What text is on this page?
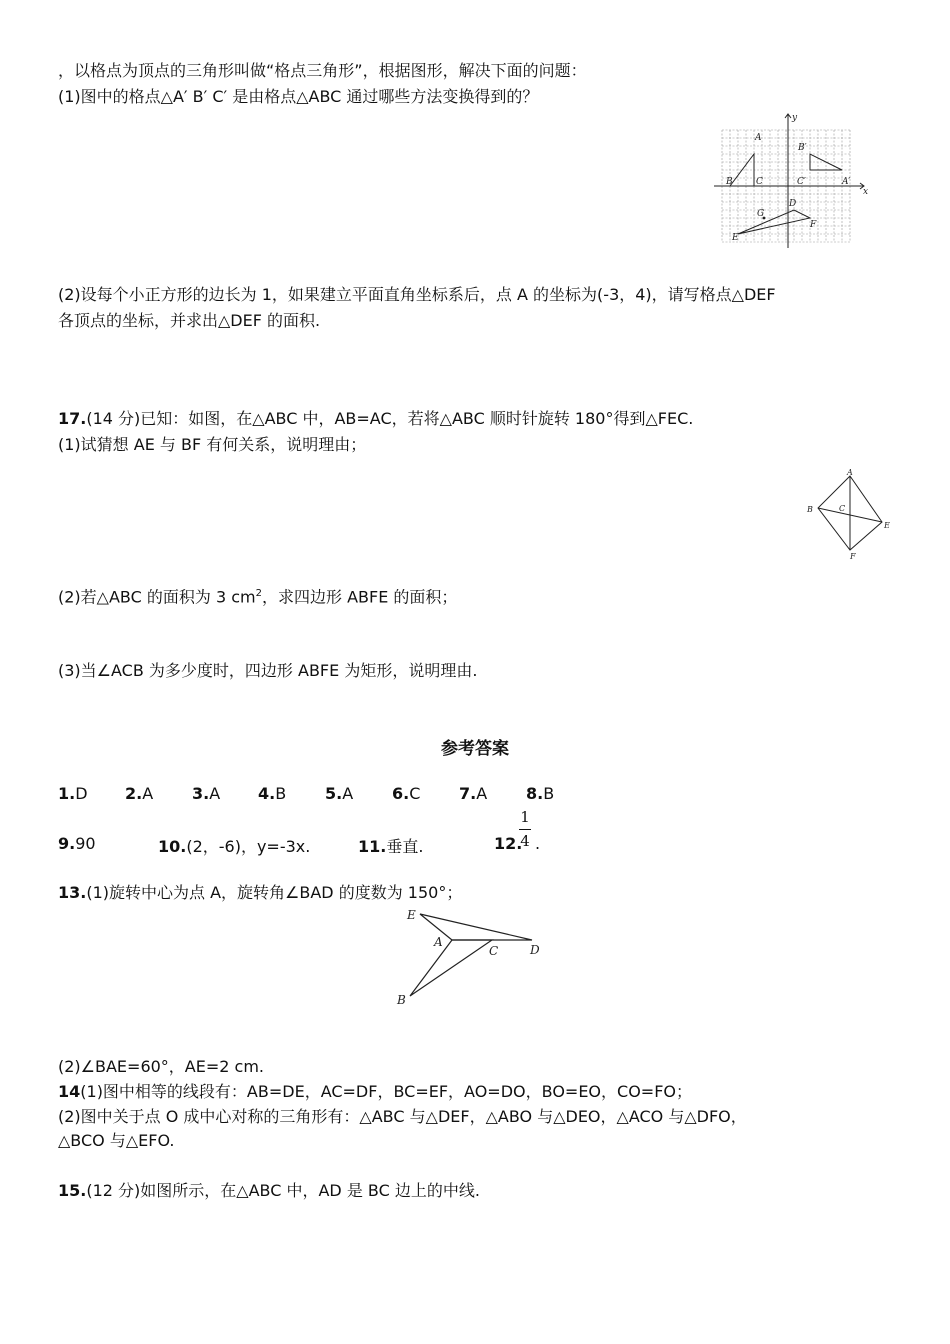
，以格点为顶点的三角形叫做“格点三角形”，根据图形，解决下面的问题：
(1)图中的格点△A′ B′ C′ 是由格点△ABC 通过哪些方法变换得到的？
y
x
A
B	C
B′
C′	A′
D
G
F
E
(2)设每个小正方形的边长为 1，如果建立平面直角坐标系后，点 A 的坐标为(-3，4)，请写格点△DEF
各顶点的坐标，并求出△DEF 的面积.
17.(14 分)已知：如图，在△ABC 中，AB=AC，若将△ABC 顺时针旋转 180°得到△FEC.
(1)试猜想 AE 与 BF 有何关系，说明理由；
A
B	C
E
F
(2)若△ABC 的面积为 3 $cm^2$，求四边形 ABFE 的面积；
(3)当∠ACB 为多少度时，四边形 ABFE 为矩形，说明理由.
参考答案
1.D 2.A 3.A 4.B 5.A 6.C 7.A 8.B
9.90	10.(2，-6)，y=-3x.	11.垂直.	12.
1
4 .
13.(1)旋转中心为点 A，旋转角∠BAD 的度数为 150°；
E
A
C	D
B
(2)∠BAE=60°，AE=2 cm.
14(1)图中相等的线段有：AB=DE，AC=DF，BC=EF，AO=DO，BO=EO，CO=FO；
(2)图中关于点 O 成中心对称的三角形有：△ABC 与△DEF，△ABO 与△DEO，△ACO 与△DFO，
△BCO 与△EFO.
15.(12 分)如图所示，在△ABC 中，AD 是 BC 边上的中线.
